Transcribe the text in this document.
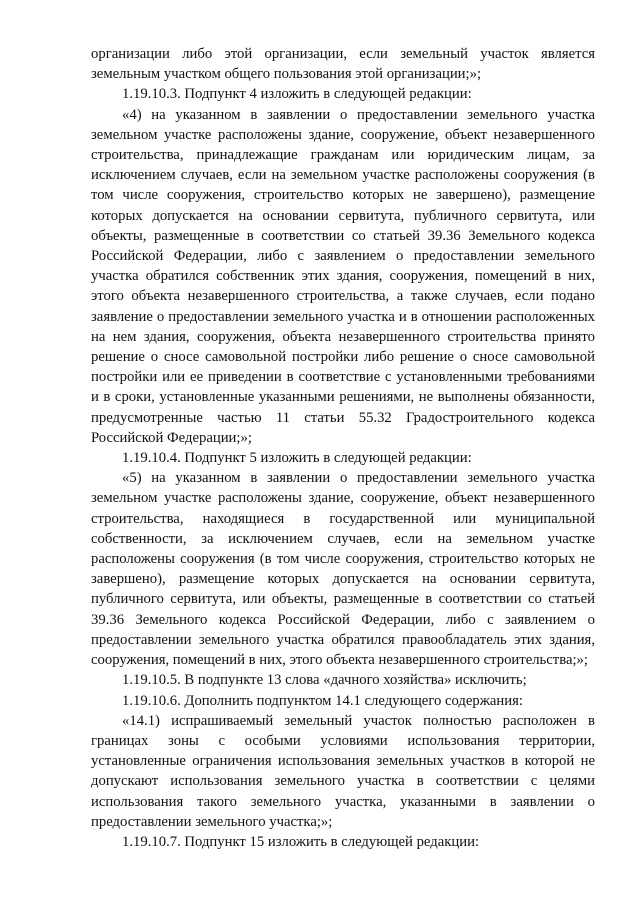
организации либо этой организации, если земельный участок является земельным участком общего пользования этой организации;»;

1.19.10.3. Подпункт 4 изложить в следующей редакции:

«4) на указанном в заявлении о предоставлении земельного участка земельном участке расположены здание, сооружение, объект незавершенного строительства, принадлежащие гражданам или юридическим лицам, за исключением случаев, если на земельном участке расположены сооружения (в том числе сооружения, строительство которых не завершено), размещение которых допускается на основании сервитута, публичного сервитута, или объекты, размещенные в соответствии со статьей 39.36 Земельного кодекса Российской Федерации, либо с заявлением о предоставлении земельного участка обратился собственник этих здания, сооружения, помещений в них, этого объекта незавершенного строительства, а также случаев, если подано заявление о предоставлении земельного участка и в отношении расположенных на нем здания, сооружения, объекта незавершенного строительства принято решение о сносе самовольной постройки либо решение о сносе самовольной постройки или ее приведении в соответствие с установленными требованиями и в сроки, установленные указанными решениями, не выполнены обязанности, предусмотренные частью 11 статьи 55.32 Градостроительного кодекса Российской Федерации;»;

1.19.10.4. Подпункт 5 изложить в следующей редакции:

«5) на указанном в заявлении о предоставлении земельного участка земельном участке расположены здание, сооружение, объект незавершенного строительства, находящиеся в государственной или муниципальной собственности, за исключением случаев, если на земельном участке расположены сооружения (в том числе сооружения, строительство которых не завершено), размещение которых допускается на основании сервитута, публичного сервитута, или объекты, размещенные в соответствии со статьей 39.36 Земельного кодекса Российской Федерации, либо с заявлением о предоставлении земельного участка обратился правообладатель этих здания, сооружения, помещений в них, этого объекта незавершенного строительства;»;

1.19.10.5. В подпункте 13 слова «дачного хозяйства» исключить;

1.19.10.6. Дополнить подпунктом 14.1 следующего содержания:

«14.1) испрашиваемый земельный участок полностью расположен в границах зоны с особыми условиями использования территории, установленные ограничения использования земельных участков в которой не допускают использования земельного участка в соответствии с целями использования такого земельного участка, указанными в заявлении о предоставлении земельного участка;»;

1.19.10.7. Подпункт 15 изложить в следующей редакции:
